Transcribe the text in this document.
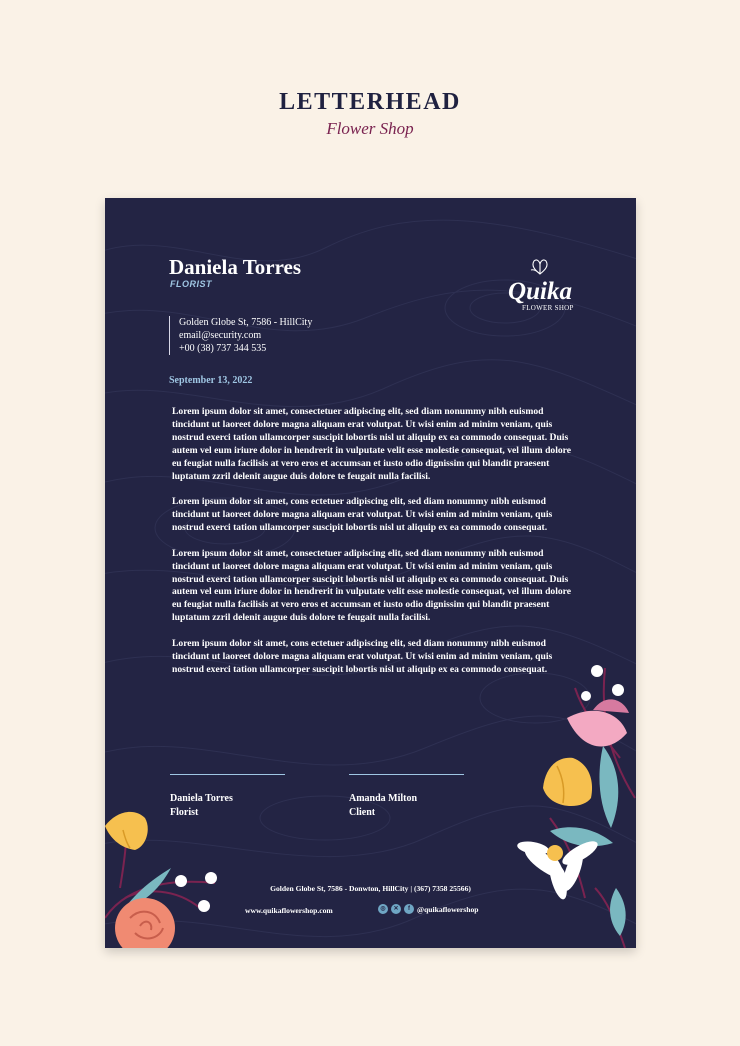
LETTERHEAD
Flower Shop
Daniela Torres
FLORIST	Quika
FLOWER SHOP
Golden Globe St, 7586 - HillCity
email@security.com
+00 (38) 737 344 535
September 13, 2022

Lorem ipsum dolor sit amet, consectetuer adipiscing elit, sed diam nonummy nibh euismod tincidunt ut laoreet dolore magna aliquam erat volutpat. Ut wisi enim ad minim veniam, quis nostrud exerci tation ullamcorper suscipit lobortis nisl ut aliquip ex ea commodo consequat. Duis autem vel eum iriure dolor in hendrerit in vulputate velit esse molestie consequat, vel illum dolore eu feugiat nulla facilisis at vero eros et accumsan et iusto odio dignissim qui blandit praesent luptatum zzril delenit augue duis dolore te feugait nulla facilisi.

Lorem ipsum dolor sit amet, cons ectetuer adipiscing elit, sed diam nonummy nibh euismod tincidunt ut laoreet dolore magna aliquam erat volutpat. Ut wisi enim ad minim veniam, quis nostrud exerci tation ullamcorper suscipit lobortis nisl ut aliquip ex ea commodo consequat.

Lorem ipsum dolor sit amet, consectetuer adipiscing elit, sed diam nonummy nibh euismod tincidunt ut laoreet dolore magna aliquam erat volutpat. Ut wisi enim ad minim veniam, quis nostrud exerci tation ullamcorper suscipit lobortis nisl ut aliquip ex ea commodo consequat. Duis autem vel eum iriure dolor in hendrerit in vulputate velit esse molestie consequat, vel illum dolore eu feugiat nulla facilisis at vero eros et accumsan et iusto odio dignissim qui blandit praesent luptatum zzril delenit augue duis dolore te feugait nulla facilisi.

Lorem ipsum dolor sit amet, cons ectetuer adipiscing elit, sed diam nonummy nibh euismod tincidunt ut laoreet dolore magna aliquam erat volutpat. Ut wisi enim ad minim veniam, quis nostrud exerci tation ullamcorper suscipit lobortis nisl ut aliquip ex ea commodo consequat.

Daniela Torres
Florist
Amanda Milton
Client
Golden Globe St, 7586 - Donwton, HillCity | (367) 7358 25566)
www.quikaflowershop.com	◎	✕	f @quikaflowershop
